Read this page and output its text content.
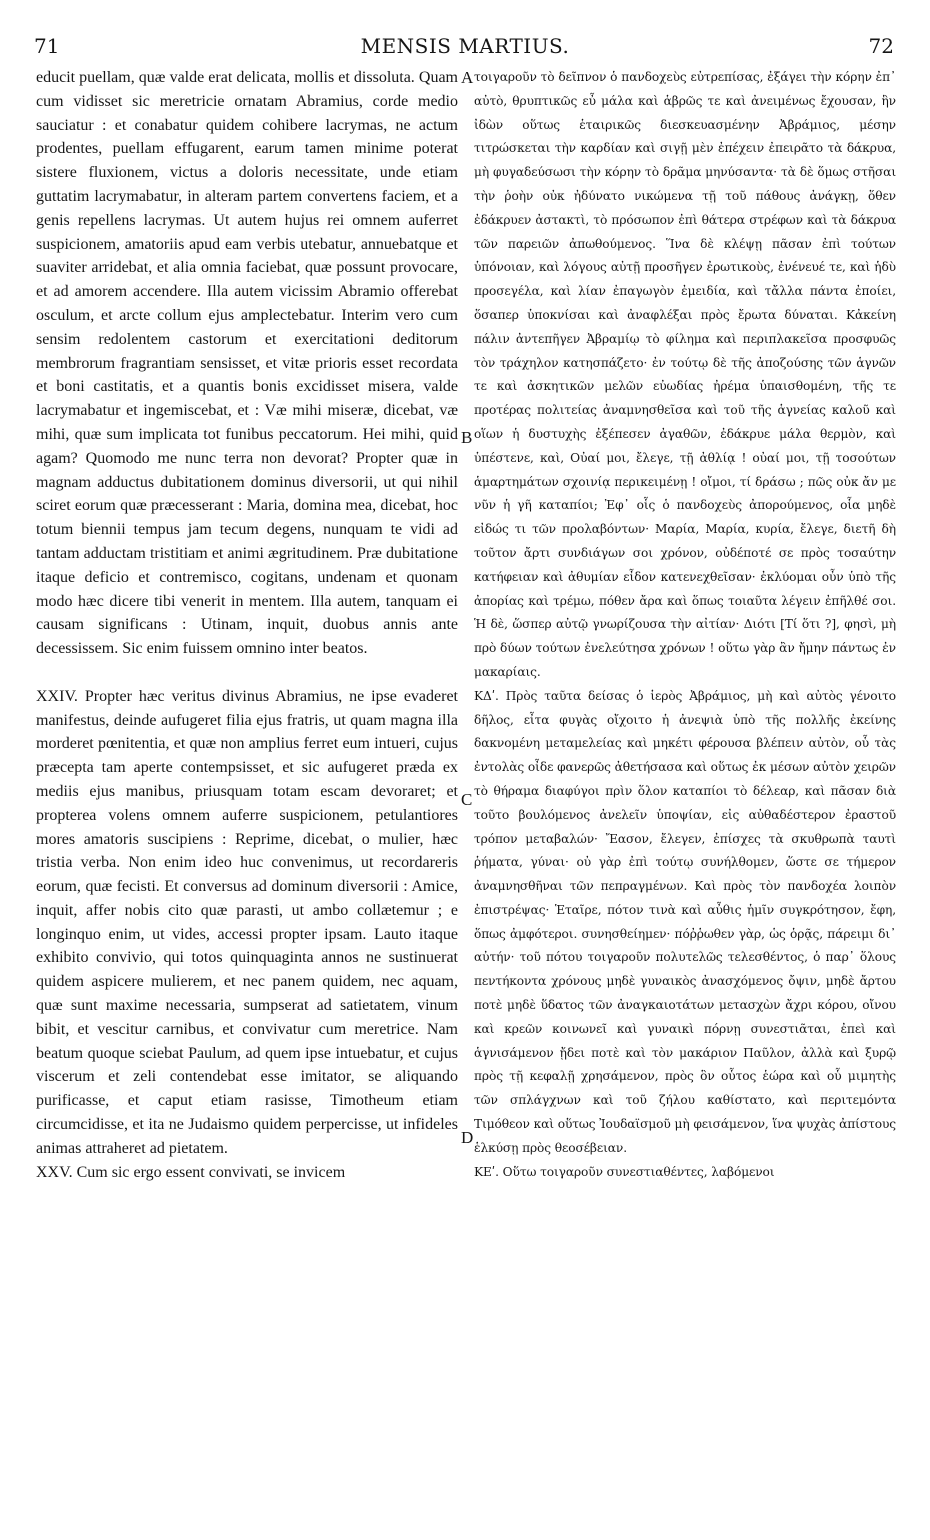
71	MENSIS MARTIUS.	72

educit puellam, quæ valde erat delicata, mollis et dissoluta. Quam cum vidisset sic meretricie ornatam Abramius, corde medio sauciatur : et conabatur quidem cohibere lacrymas, ne actum prodentes, puellam effugarent, earum tamen minime poterat sistere fluxionem, victus a doloris necessitate, unde etiam guttatim lacrymabatur, in alteram partem convertens faciem, et a genis repellens lacrymas. Ut autem hujus rei omnem auferret suspicionem, amatoriis apud eam verbis utebatur, annuebatque et suaviter arridebat, et alia omnia faciebat, quæ possunt provocare, et ad amorem accendere. Illa autem vicissim Abramio offerebat osculum, et arcte collum ejus amplectebatur. Interim vero cum sensim redolentem castorum et exercitationi deditorum membrorum fragrantiam sensisset, et vitæ prioris esset recordata et boni castitatis, et a quantis bonis excidisset misera, valde lacrymabatur et ingemiscebat, et : Væ mihi miseræ, dicebat, væ mihi, quæ sum implicata tot funibus peccatorum. Hei mihi, quid agam? Quomodo me nunc terra non devorat? Propter quæ in magnam adductus dubitationem dominus diversorii, ut qui nihil sciret eorum quæ præcesserant : Maria, domina mea, dicebat, hoc totum biennii tempus jam tecum degens, nunquam te vidi ad tantam adductam tristitiam et animi ægritudinem. Præ dubitatione itaque deficio et contremisco, cogitans, undenam et quonam modo hæc dicere tibi venerit in mentem. Illa autem, tanquam ei causam significans : Utinam, inquit, duobus annis ante decessissem. Sic enim fuissem omnino inter beatos.

XXIV. Propter hæc veritus divinus Abramius, ne ipse evaderet manifestus, deinde aufugeret filia ejus fratris, ut quam magna illa morderet pœnitentia, et quæ non amplius ferret eum intueri, cujus præcepta tam aperte contempsisset, et sic aufugeret præda ex mediis ejus manibus, priusquam totam escam devoraret; et propterea volens omnem auferre suspicionem, petulantiores mores amatoris suscipiens : Reprime, dicebat, o mulier, hæc tristia verba. Non enim ideo huc convenimus, ut recordareris eorum, quæ fecisti. Et conversus ad dominum diversorii : Amice, inquit, affer nobis cito quæ parasti, ut ambo collætemur ; e longinquo enim, ut vides, accessi propter ipsam. Lauto itaque exhibito convivio, qui totos quinquaginta annos ne sustinuerat quidem aspicere mulierem, et nec panem quidem, nec aquam, quæ sunt maxime necessaria, sumpserat ad satietatem, vinum bibit, et vescitur carnibus, et convivatur cum meretrice. Nam beatum quoque sciebat Paulum, ad quem ipse intuebatur, et cujus viscerum et zeli contendebat esse imitator, se aliquando purificasse, et caput etiam rasisse, Timotheum etiam circumcidisse, et ita ne Judaismo quidem perpercisse, ut infideles animas attraheret ad pietatem.

XXV. Cum sic ergo essent convivati, se invicem

τοιγαροῦν τὸ δεῖπνον ὁ πανδοχεὺς εὐτρεπίσας, ἐξάγει τὴν κόρην ἐπ᾽ αὐτὸ, θρυπτικῶς εὖ μάλα καὶ ἁβρῶς τε καὶ ἀνειμένως ἔχουσαν, ἣν ἰδὼν οὕτως ἑταιρικῶς διεσκευασμένην Ἀβράμιος, μέσην τιτρώσκεται τὴν καρδίαν καὶ σιγῇ μὲν ἐπέχειν ἐπειρᾶτο τὰ δάκρυα, μὴ φυγαδεύσωσι τὴν κόρην τὸ δρᾶμα μηνύσαντα· τὰ δὲ ὅμως στῆσαι τὴν ῥοὴν οὐκ ἠδύνατο νικώμενα τῇ τοῦ πάθους ἀνάγκῃ, ὅθεν ἐδάκρυεν ἀστακτὶ, τὸ πρόσωπον ἐπὶ θάτερα στρέφων καὶ τὰ δάκρυα τῶν παρειῶν ἀπωθούμενος. Ἵνα δὲ κλέψῃ πᾶσαν ἐπὶ τούτων ὑπόνοιαν, καὶ λόγους αὐτῇ προσῆγεν ἐρωτικοὺς, ἐνένευέ τε, καὶ ἡδὺ προσεγέλα, καὶ λίαν ἐπαγωγὸν ἐμειδία, καὶ τἄλλα πάντα ἐποίει, ὅσαπερ ὑποκνίσαι καὶ ἀναφλέξαι πρὸς ἔρωτα δύναται. Κἀκείνη πάλιν ἀντεπῆγεν Ἀβραμίῳ τὸ φίλημα καὶ περιπλακεῖσα προσφυῶς τὸν τράχηλον κατησπάζετο· ἐν τούτῳ δὲ τῆς ἀποζούσης τῶν ἁγνῶν τε καὶ ἀσκητικῶν μελῶν εὐωδίας ἠρέμα ὑπαισθομένη, τῆς τε προτέρας πολιτείας ἀναμνησθεῖσα καὶ τοῦ τῆς ἁγνείας καλοῦ καὶ οἵων ἡ δυστυχὴς ἐξέπεσεν ἀγαθῶν, ἐδάκρυε μάλα θερμὸν, καὶ ὑπέστενε, καὶ, Οὐαί μοι, ἔλεγε, τῇ ἀθλίᾳ ! οὐαί μοι, τῇ τοσούτων ἁμαρτημάτων σχοινίᾳ περικειμένῃ ! οἴμοι, τί δράσω ; πῶς οὐκ ἄν με νῦν ἡ γῆ καταπίοι; Ἐφ᾽ οἷς ὁ πανδοχεὺς ἀπορούμενος, οἷα μηδὲ εἰδώς τι τῶν προλαβόντων· Μαρία, Μαρία, κυρία, ἔλεγε, διετῆ δὴ τοῦτον ἄρτι συνδιάγων σοι χρόνον, οὐδέποτέ σε πρὸς τοσαύτην κατήφειαν καὶ ἀθυμίαν εἶδον κατενεχθεῖσαν· ἐκλύομαι οὖν ὑπὸ τῆς ἀπορίας καὶ τρέμω, πόθεν ἄρα καὶ ὅπως τοιαῦτα λέγειν ἐπῆλθέ σοι. Ἡ δὲ, ὥσπερ αὐτῷ γνωρίζουσα τὴν αἰτίαν· Διότι [Τί ὅτι ?], φησὶ, μὴ πρὸ δύων τούτων ἐνελεύτησα χρόνων ! οὕτω γὰρ ἂν ἤμην πάντως ἐν μακαρίαις.

ΚΔʹ. Πρὸς ταῦτα δείσας ὁ ἱερὸς Ἀβράμιος, μὴ καὶ αὐτὸς γένοιτο δῆλος, εἶτα φυγὰς οἴχοιτο ἡ ἀνεψιὰ ὑπὸ τῆς πολλῆς ἐκείνης δακνομένη μεταμελείας καὶ μηκέτι φέρουσα βλέπειν αὐτὸν, οὗ τὰς ἐντολὰς οἶδε φανερῶς ἀθετήσασα καὶ οὕτως ἐκ μέσων αὐτὸν χειρῶν τὸ θήραμα διαφύγοι πρὶν ὅλον καταπίοι τὸ δέλεαρ, καὶ πᾶσαν διὰ τοῦτο βουλόμενος ἀνελεῖν ὑποψίαν, εἰς αὐθαδέστερον ἐραστοῦ τρόπον μεταβαλών· Ἔασον, ἔλεγεν, ἐπίσχες τὰ σκυθρωπὰ ταυτὶ ῥήματα, γύναι· οὐ γὰρ ἐπὶ τούτῳ συνήλθομεν, ὥστε σε τήμερον ἀναμνησθῆναι τῶν πεπραγμένων. Καὶ πρὸς τὸν πανδοχέα λοιπὸν ἐπιστρέψας· Ἑταῖρε, πότον τινὰ καὶ αὖθις ἡμῖν συγκρότησον, ἔφη, ὅπως ἀμφότεροι. συνησθείημεν· πόῤῥωθεν γὰρ, ὡς ὁρᾷς, πάρειμι δι᾽ αὐτήν· τοῦ πότου τοιγαροῦν πολυτελῶς τελεσθέντος, ὁ παρ᾽ ὅλους πεντήκοντα χρόνους μηδὲ γυναικὸς ἀνασχόμενος ὄψιν, μηδὲ ἄρτου ποτὲ μηδὲ ὕδατος τῶν ἀναγκαιοτάτων μετασχὼν ἄχρι κόρου, οἴνου καὶ κρεῶν κοινωνεῖ καὶ γυναικὶ πόρνῃ συνεστιᾶται, ἐπεὶ καὶ ἁγνισάμενον ᾔδει ποτὲ καὶ τὸν μακάριον Παῦλον, ἀλλὰ καὶ ξυρῷ πρὸς τῇ κεφαλῇ χρησάμενον, πρὸς ὃν οὗτος ἑώρα καὶ οὗ μιμητὴς τῶν σπλάγχνων καὶ τοῦ ζήλου καθίστατο, καὶ περιτεμόντα Τιμόθεον καὶ οὕτως Ἰουδαϊσμοῦ μὴ φεισάμενον, ἵνα ψυχὰς ἀπίστους ἑλκύσῃ πρὸς θεοσέβειαν.

ΚΕʹ. Οὕτω τοιγαροῦν συνεστιαθέντες, λαβόμενοι

A
B
C
D
